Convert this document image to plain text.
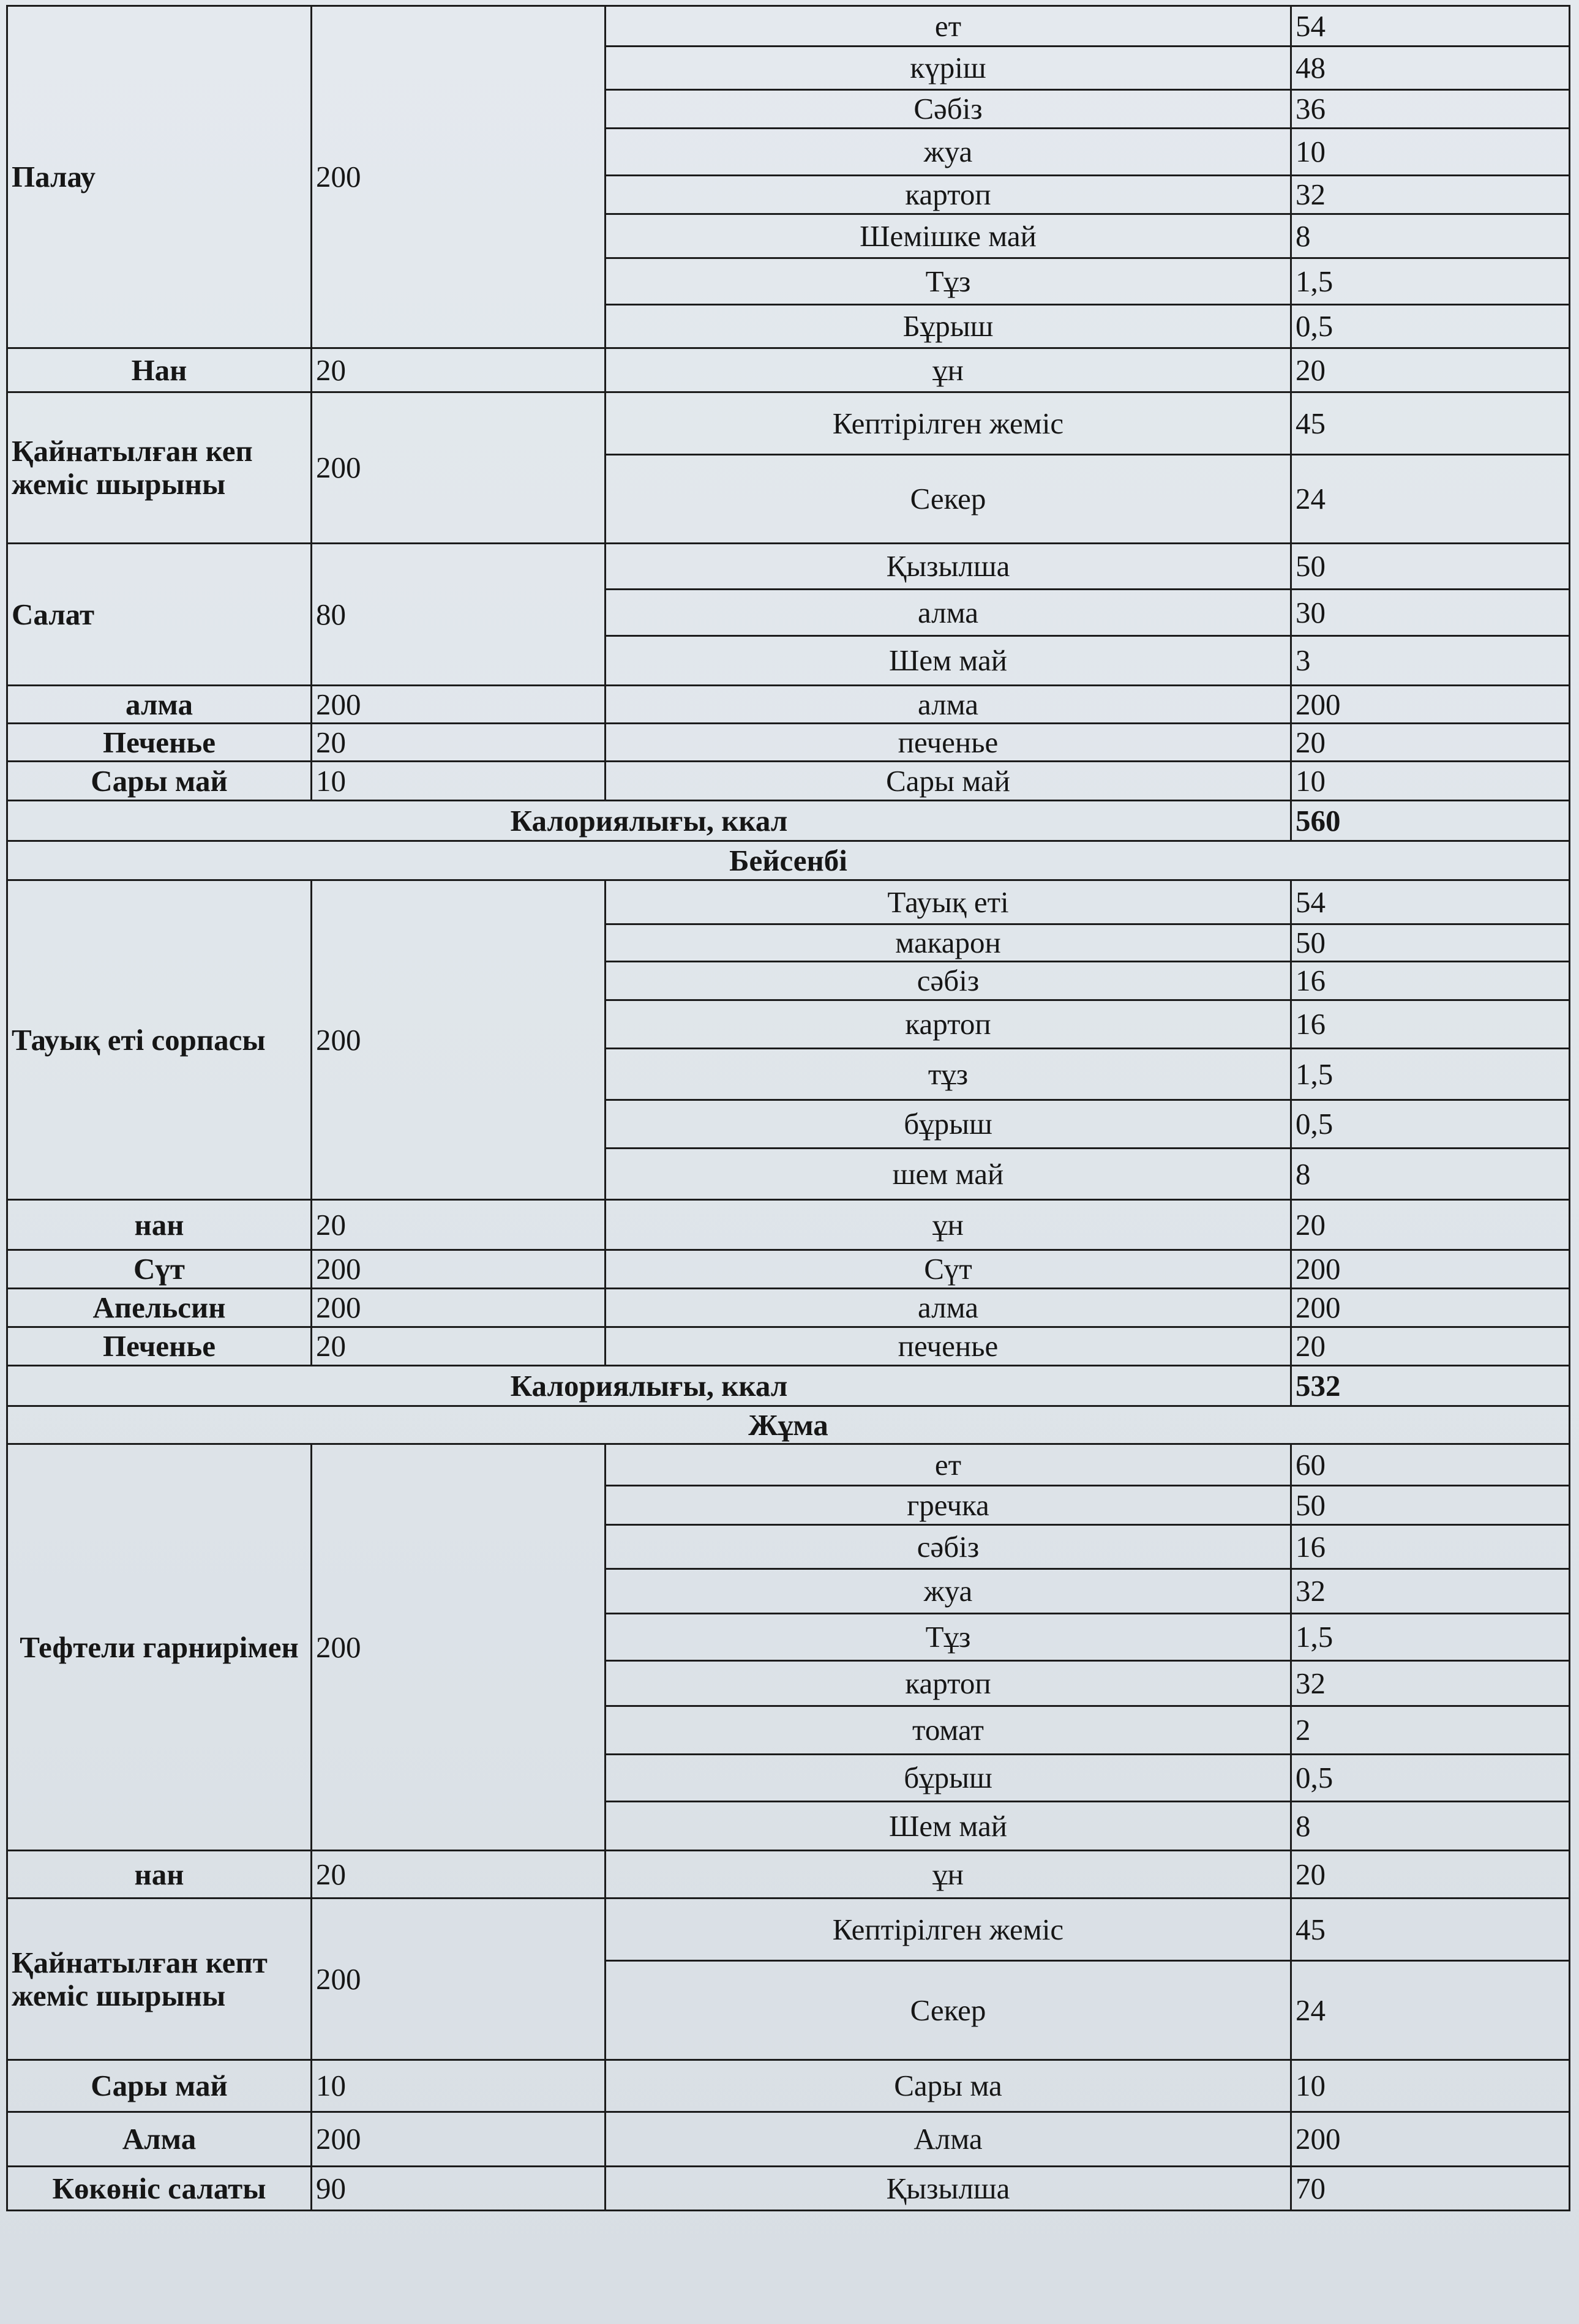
Палау	200	ет	54
		күріш	48
		Сәбіз	36
		жуа	10
		картоп	32
		Шемішке май	8
		Тұз	1,5
		Бұрыш	0,5
Нан	20	ұн	20
Қайнатылған кеп жеміс шырыны	200	Кептірілген жеміс	45
		Секер	24
Салат	80	Қызылша	50
		алма	30
		Шем май	3
алма	200	алма	200
Печенье	20	печенье	20
Сары май	10	Сары май	10
Калориялығы, ккал			560
Бейсенбі			
Тауық еті сорпасы	200	Тауық еті	54
		макарон	50
		сәбіз	16
		картоп	16
		тұз	1,5
		бұрыш	0,5
		шем май	8
нан	20	ұн	20
Сүт	200	Сүт	200
Апельсин	200	алма	200
Печенье	20	печенье	20
Калориялығы, ккал			532
Жұма			
Тефтели гарнирімен	200	ет	60
		гречка	50
		сәбіз	16
		жуа	32
		Тұз	1,5
		картоп	32
		томат	2
		бұрыш	0,5
		Шем май	8
нан	20	ұн	20
Қайнатылған кепт жеміс шырыны	200	Кептірілген жеміс	45
		Секер	24
Сары май	10	Сары ма	10
Алма	200	Алма	200
Көкөніс салаты	90	Қызылша	70
